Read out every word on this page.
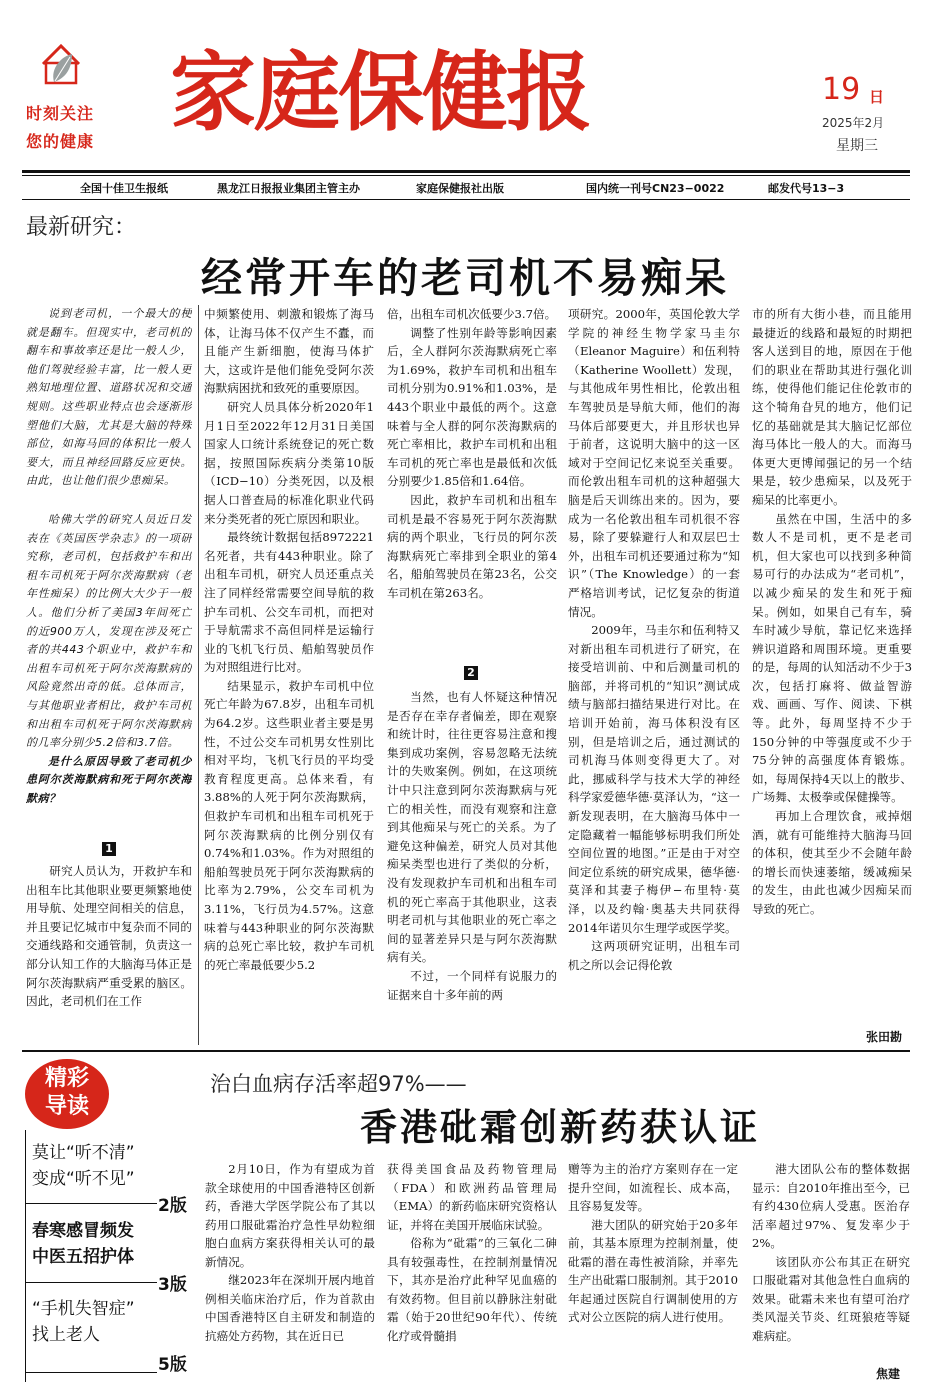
时刻关注
您的健康 家庭保健报	19 日
2025年2月
星期三
全国十佳卫生报纸	黑龙江日报报业集团主管主办	家庭保健报社出版	国内统一刊号CN23−0022	邮发代号13−3
最新研究：
经常开车的老司机不易痴呆

说到老司机，一个最大的梗就是翻车。但现实中，老司机的翻车和事故率还是比一般人少，他们驾驶经验丰富，比一般人更熟知地理位置、道路状况和交通规则。这些职业特点也会逐渐形塑他们大脑，尤其是大脑的特殊部位，如海马回的体积比一般人要大，而且神经回路反应更快。由此，也让他们很少患痴呆。

哈佛大学的研究人员近日发表在《英国医学杂志》的一项研究称，老司机，包括救护车和出租车司机死于阿尔茨海默病（老年性痴呆）的比例大大少于一般人。他们分析了美国3年间死亡的近900万人，发现在涉及死亡者的共443个职业中，救护车和出租车司机死于阿尔茨海默病的风险竟然出奇的低。总体而言，与其他职业者相比，救护车司机和出租车司机死于阿尔茨海默病的几率分别少5.2倍和3.7倍。

是什么原因导致了老司机少患阿尔茨海默病和死于阿尔茨海默病？

1

研究人员认为，开救护车和出租车比其他职业要更频繁地使用导航、处理空间相关的信息，并且要记忆城市中复杂而不同的交通线路和交通管制，负责这一部分认知工作的大脑海马体正是阿尔茨海默病严重受累的脑区。因此，老司机们在工作

中频繁使用、刺激和锻炼了海马体，让海马体不仅产生不蠹，而且能产生新细胞，使海马体扩大，这或许是他们能免受阿尔茨海默病困扰和致死的重要原因。

研究人员具体分析2020年1月1日至2022年12月31日美国国家人口统计系统登记的死亡数据，按照国际疾病分类第10版（ICD−10）分类死因，以及根据人口普查局的标准化职业代码来分类死者的死亡原因和职业。

最终统计数据包括8972221名死者，共有443种职业。除了出租车司机，研究人员还重点关注了同样经常需要空间导航的救护车司机、公交车司机，而把对于导航需求不高但同样是运输行业的飞机飞行员、船舶驾驶员作为对照组进行比对。

结果显示，救护车司机中位死亡年龄为67.8岁，出租车司机为64.2岁。这些职业者主要是男性，不过公交车司机男女性别比相对平均，飞机飞行员的平均受教育程度更高。总体来看，有3.88%的人死于阿尔茨海默病，但救护车司机和出租车司机死于阿尔茨海默病的比例分别仅有0.74%和1.03%。作为对照组的船舶驾驶员死于阿尔茨海默病的比率为2.79%，公交车司机为3.11%，飞行员为4.57%。这意味着与443种职业的阿尔茨海默病的总死亡率比较，救护车司机的死亡率最低要少5.2

倍，出租车司机次低要少3.7倍。

调整了性别年龄等影响因素后，全人群阿尔茨海默病死亡率为1.69%，救护车司机和出租车司机分别为0.91%和1.03%，是443个职业中最低的两个。这意味着与全人群的阿尔茨海默病的死亡率相比，救护车司机和出租车司机的死亡率也是最低和次低分别要少1.85倍和1.64倍。

因此，救护车司机和出租车司机是最不容易死于阿尔茨海默病的两个职业，飞行员的阿尔茨海默病死亡率排到全职业的第4名，船舶驾驶员在第23名，公交车司机在第263名。

2

当然，也有人怀疑这种情况是否存在幸存者偏差，即在观察和统计时，往往更容易注意和搜集到成功案例，容易忽略无法统计的失败案例。例如，在这项统计中只注意到阿尔茨海默病与死亡的相关性，而没有观察和注意到其他痴呆与死亡的关系。为了避免这种偏差，研究人员对其他痴呆类型也进行了类似的分析，没有发现救护车司机和出租车司机的死亡率高于其他职业，这表明老司机与其他职业的死亡率之间的显著差异只是与阿尔茨海默病有关。

不过，一个同样有说服力的证据来自十多年前的两

项研究。2000年，英国伦敦大学学院的神经生物学家马圭尔（Eleanor Maguire）和伍利特（Katherine Woollett）发现，与其他成年男性相比，伦敦出租车驾驶员是导航大师，他们的海马体后部要更大，并且形状也异于前者，这说明大脑中的这一区域对于空间记忆来说至关重要。而伦敦出租车司机的这种超强大脑是后天训练出来的。因为，要成为一名伦敦出租车司机很不容易，除了要躲避行人和双层巴士外，出租车司机还要通过称为“知识”（The Knowledge）的一套严格培训考试，记忆复杂的街道情况。

2009年，马圭尔和伍利特又对新出租车司机进行了研究，在接受培训前、中和后测量司机的脑部，并将司机的“知识”测试成绩与脑部扫描结果进行对比。在培训开始前，海马体积没有区别，但是培训之后，通过测试的司机海马体则变得更大了。对此，挪威科学与技术大学的神经科学家爱德华德·莫泽认为，“这一新发现表明，在大脑海马体中一定隐藏着一幅能够标明我们所处空间位置的地图。”正是由于对空间定位系统的研究成果，德华德·莫泽和其妻子梅伊−布里特·莫泽，以及约翰·奥基夫共同获得2014年诺贝尔生理学或医学奖。

这两项研究证明，出租车司机之所以会记得伦敦

市的所有大街小巷，而且能用最捷近的线路和最短的时期把客人送到目的地，原因在于他们的职业在帮助其进行强化训练，使得他们能记住伦敦市的这个犄角旮旯的地方，他们记忆的基础就是其大脑记忆部位海马体比一般人的大。而海马体更大更博闻强记的另一个结果是，较少患痴呆，以及死于痴呆的比率更小。

虽然在中国，生活中的多数人不是司机，更不是老司机，但大家也可以找到多种简易可行的办法成为“老司机”，以减少痴呆的发生和死于痴呆。例如，如果自己有车，骑车时减少导航，靠记忆来选择辨识道路和周围环境。更重要的是，每周的认知活动不少于3次，包括打麻将、做益智游戏、画画、写作、阅读、下棋等。此外，每周坚持不少于150分钟的中等强度或不少于75分钟的高强度体育锻炼。如，每周保持4天以上的散步、广场舞、太极拳或保健操等。

再加上合理饮食，戒掉烟酒，就有可能维持大脑海马回的体积，使其至少不会随年龄的增长而快速萎缩，缓减痴呆的发生，由此也减少因痴呆而导致的死亡。

张田勘
精彩
导读
莫让“听不清”
变成“听不见”
2版
春寒感冒频发
中医五招护体
3版
“手机失智症”
找上老人
5版
治白血病存活率超97%——
香港砒霜创新药获认证

2月10日，作为有望成为首款全球使用的中国香港特区创新药，香港大学医学院公布了其以药用口服砒霜治疗急性早幼粒细胞白血病方案获得相关认可的最新情况。

继2023年在深圳开展内地首例相关临床治疗后，作为首款由中国香港特区自主研发和制造的抗癌处方药物，其在近日已

获得美国食品及药物管理局（FDA）和欧洲药品管理局（EMA）的新药临床研究资格认证，并将在美国开展临床试验。

俗称为“砒霜”的三氧化二砷具有较强毒性，在控制剂量情况下，其亦是治疗此种罕见血癌的有效药物。但目前以静脉注射砒霜（始于20世纪90年代）、传统化疗或骨髓捐

赠等为主的治疗方案则存在一定提升空间，如流程长、成本高，且容易复发等。

港大团队的研究始于20多年前，其基本原理为控制剂量，使砒霜的潜在毒性被消除，并率先生产出砒霜口服制剂。其于2010年起通过医院自行调制使用的方式对公立医院的病人进行使用。

港大团队公布的整体数据显示：自2010年推出至今，已有约430位病人受惠。医治存活率超过97%、复发率少于2%。

该团队亦公布其正在研究口服砒霜对其他急性白血病的效果。砒霜未来也有望可治疗类风湿关节炎、红斑狼疮等疑难病症。

焦建
